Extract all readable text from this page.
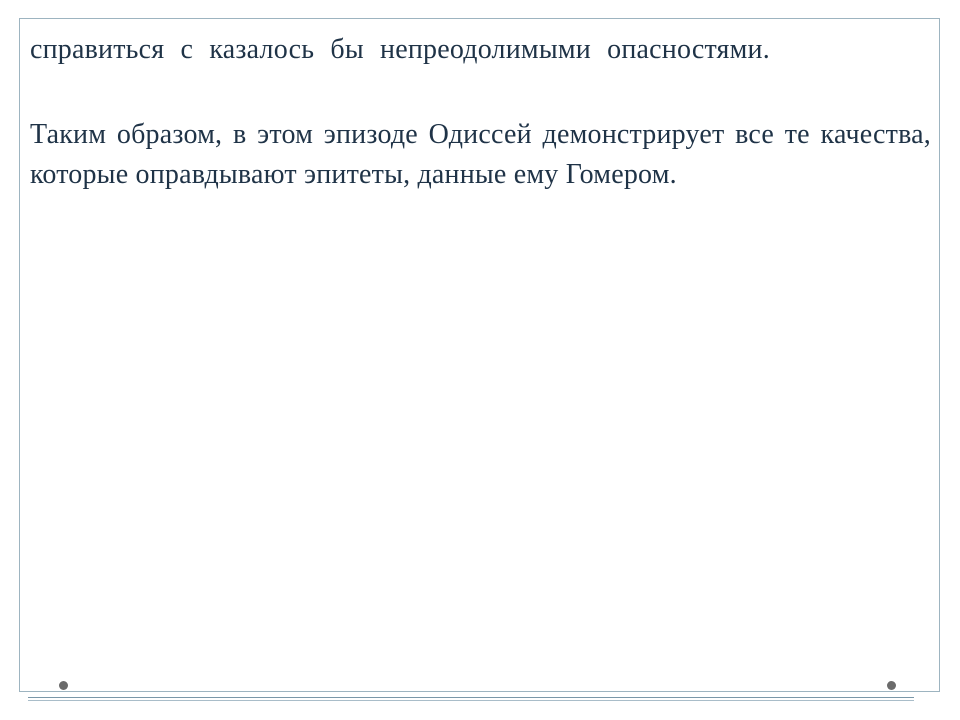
справиться с казалось бы непреодолимыми опасностями.

Таким образом, в этом эпизоде Одиссей демонстрирует все те качества, которые оправдывают эпитеты, данные ему Гомером.
